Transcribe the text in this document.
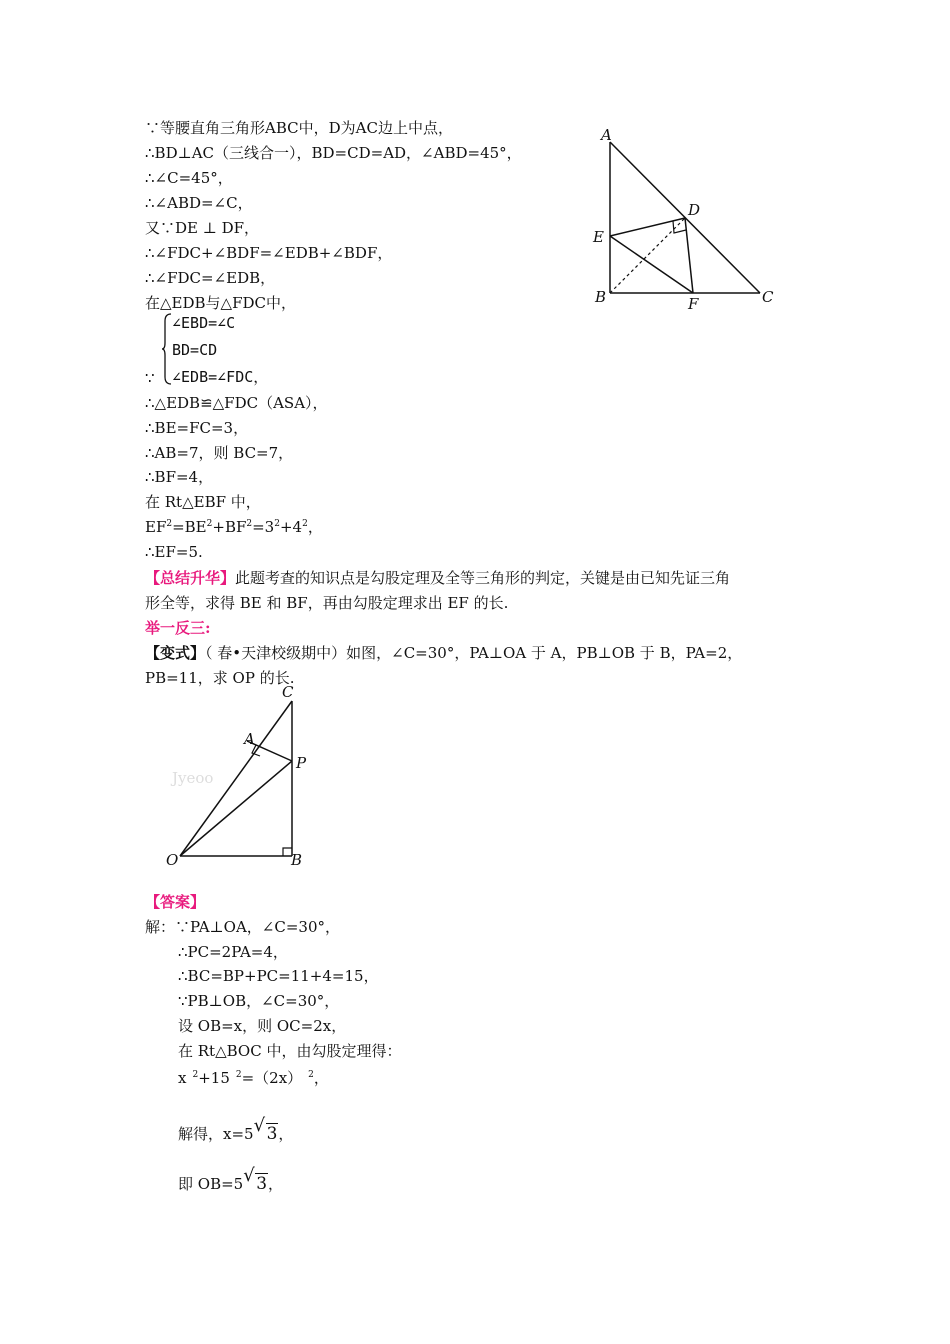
∵等腰直角三角形ABC中，D为AC边上中点，
∴BD⊥AC（三线合一），BD=CD=AD，∠ABD=45°，
∴∠C=45°，
∴∠ABD=∠C，
又∵DE ⊥ DF，
∴∠FDC+∠BDF=∠EDB+∠BDF，
∴∠FDC=∠EDB，
在△EDB与△FDC中，
∠EBD=∠C
BD=CD
∵ ∠EDB=∠FDC，
∴△EDB≌△FDC（ASA），
∴BE=FC=3，
∴AB=7，则 BC=7，
∴BF=4，
在 Rt△EBF 中，
$EF^2=BE^2+BF^2=3^2+4^2$，
∴EF=5.
【总结升华】此题考查的知识点是勾股定理及全等三角形的判定，关键是由已知先证三角
形全等，求得 BE 和 BF，再由勾股定理求出 EF 的长.
举一反三:
【变式】（ 春•天津校级期中）如图，∠C=30°，PA⊥OA 于 A，PB⊥OB 于 B，PA=2，
PB=11，求 OP 的长.
【答案】
解：∵PA⊥OA，∠C=30°，
∴PC=2PA=4，
∴BC=BP+PC=11+4=15，
∵PB⊥OB，∠C=30°，
设 OB=x，则 OC=2x，
在 Rt△BOC 中，由勾股定理得：
x $^2$+15 $^2$=（2x） $^2$，
解得，x=5 √ 3，
即 OB=5 √ 3，
A
D
E
B	F	C
Jyeoo
C
A
P
O	B
